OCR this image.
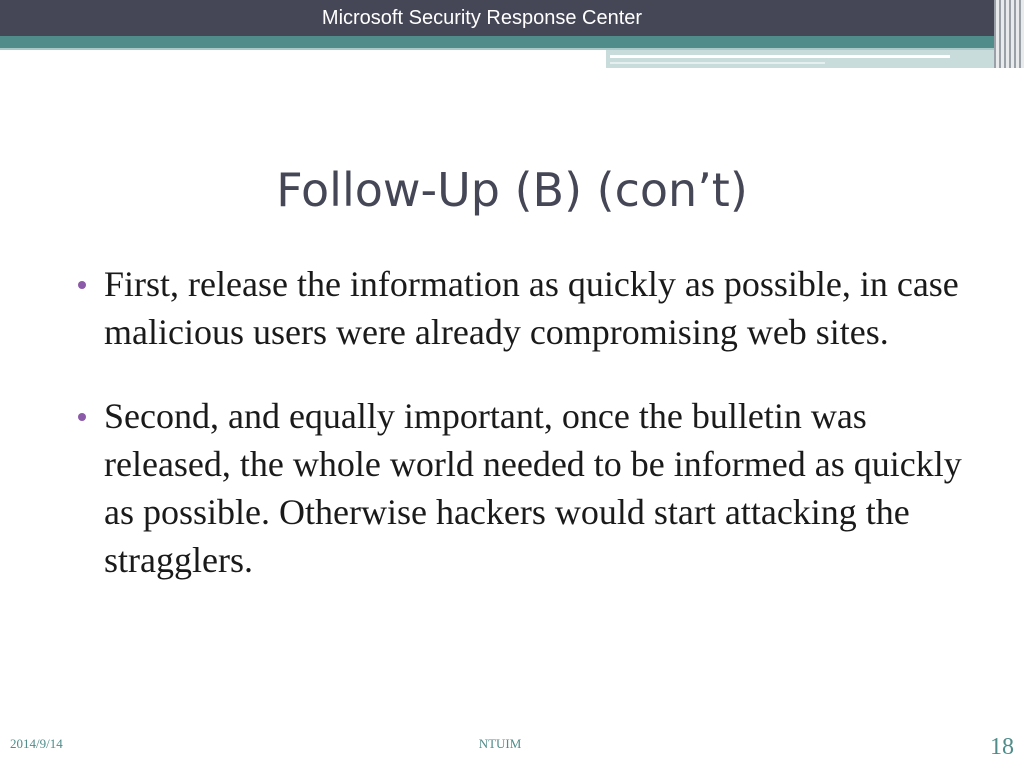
Microsoft Security Response Center
Follow-Up (B) (con’t)
First, release the information as quickly as possible, in case malicious users were already compromising web sites.
Second, and equally important, once the bulletin was released, the whole world needed to be informed as quickly as possible. Otherwise hackers would start attacking the stragglers.
2014/9/14	NTUIM	18
